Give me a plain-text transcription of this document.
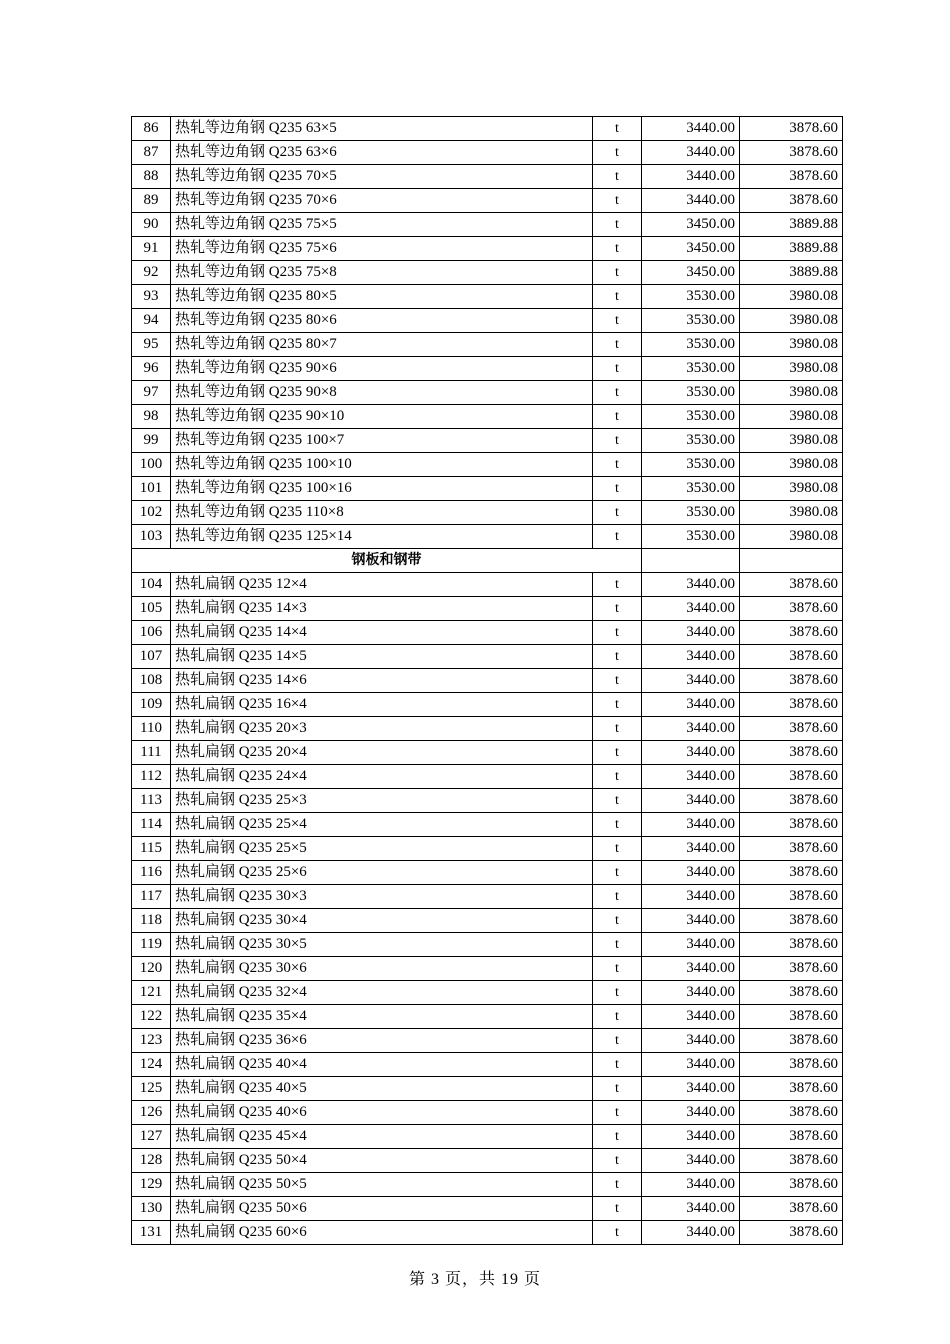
86	热轧等边角钢 Q235 63×5	t	3440.00	3878.60
87	热轧等边角钢 Q235 63×6	t	3440.00	3878.60
88	热轧等边角钢 Q235 70×5	t	3440.00	3878.60
89	热轧等边角钢 Q235 70×6	t	3440.00	3878.60
90	热轧等边角钢 Q235 75×5	t	3450.00	3889.88
91	热轧等边角钢 Q235 75×6	t	3450.00	3889.88
92	热轧等边角钢 Q235 75×8	t	3450.00	3889.88
93	热轧等边角钢 Q235 80×5	t	3530.00	3980.08
94	热轧等边角钢 Q235 80×6	t	3530.00	3980.08
95	热轧等边角钢 Q235 80×7	t	3530.00	3980.08
96	热轧等边角钢 Q235 90×6	t	3530.00	3980.08
97	热轧等边角钢 Q235 90×8	t	3530.00	3980.08
98	热轧等边角钢 Q235 90×10	t	3530.00	3980.08
99	热轧等边角钢 Q235 100×7	t	3530.00	3980.08
100	热轧等边角钢 Q235 100×10	t	3530.00	3980.08
101	热轧等边角钢 Q235 100×16	t	3530.00	3980.08
102	热轧等边角钢 Q235 110×8	t	3530.00	3980.08
103	热轧等边角钢 Q235 125×14	t	3530.00	3980.08
钢板和钢带				
104	热轧扁钢 Q235 12×4	t	3440.00	3878.60
105	热轧扁钢 Q235 14×3	t	3440.00	3878.60
106	热轧扁钢 Q235 14×4	t	3440.00	3878.60
107	热轧扁钢 Q235 14×5	t	3440.00	3878.60
108	热轧扁钢 Q235 14×6	t	3440.00	3878.60
109	热轧扁钢 Q235 16×4	t	3440.00	3878.60
110	热轧扁钢 Q235 20×3	t	3440.00	3878.60
111	热轧扁钢 Q235 20×4	t	3440.00	3878.60
112	热轧扁钢 Q235 24×4	t	3440.00	3878.60
113	热轧扁钢 Q235 25×3	t	3440.00	3878.60
114	热轧扁钢 Q235 25×4	t	3440.00	3878.60
115	热轧扁钢 Q235 25×5	t	3440.00	3878.60
116	热轧扁钢 Q235 25×6	t	3440.00	3878.60
117	热轧扁钢 Q235 30×3	t	3440.00	3878.60
118	热轧扁钢 Q235 30×4	t	3440.00	3878.60
119	热轧扁钢 Q235 30×5	t	3440.00	3878.60
120	热轧扁钢 Q235 30×6	t	3440.00	3878.60
121	热轧扁钢 Q235 32×4	t	3440.00	3878.60
122	热轧扁钢 Q235 35×4	t	3440.00	3878.60
123	热轧扁钢 Q235 36×6	t	3440.00	3878.60
124	热轧扁钢 Q235 40×4	t	3440.00	3878.60
125	热轧扁钢 Q235 40×5	t	3440.00	3878.60
126	热轧扁钢 Q235 40×6	t	3440.00	3878.60
127	热轧扁钢 Q235 45×4	t	3440.00	3878.60
128	热轧扁钢 Q235 50×4	t	3440.00	3878.60
129	热轧扁钢 Q235 50×5	t	3440.00	3878.60
130	热轧扁钢 Q235 50×6	t	3440.00	3878.60
131	热轧扁钢 Q235 60×6	t	3440.00	3878.60
第 3 页，共 19 页
